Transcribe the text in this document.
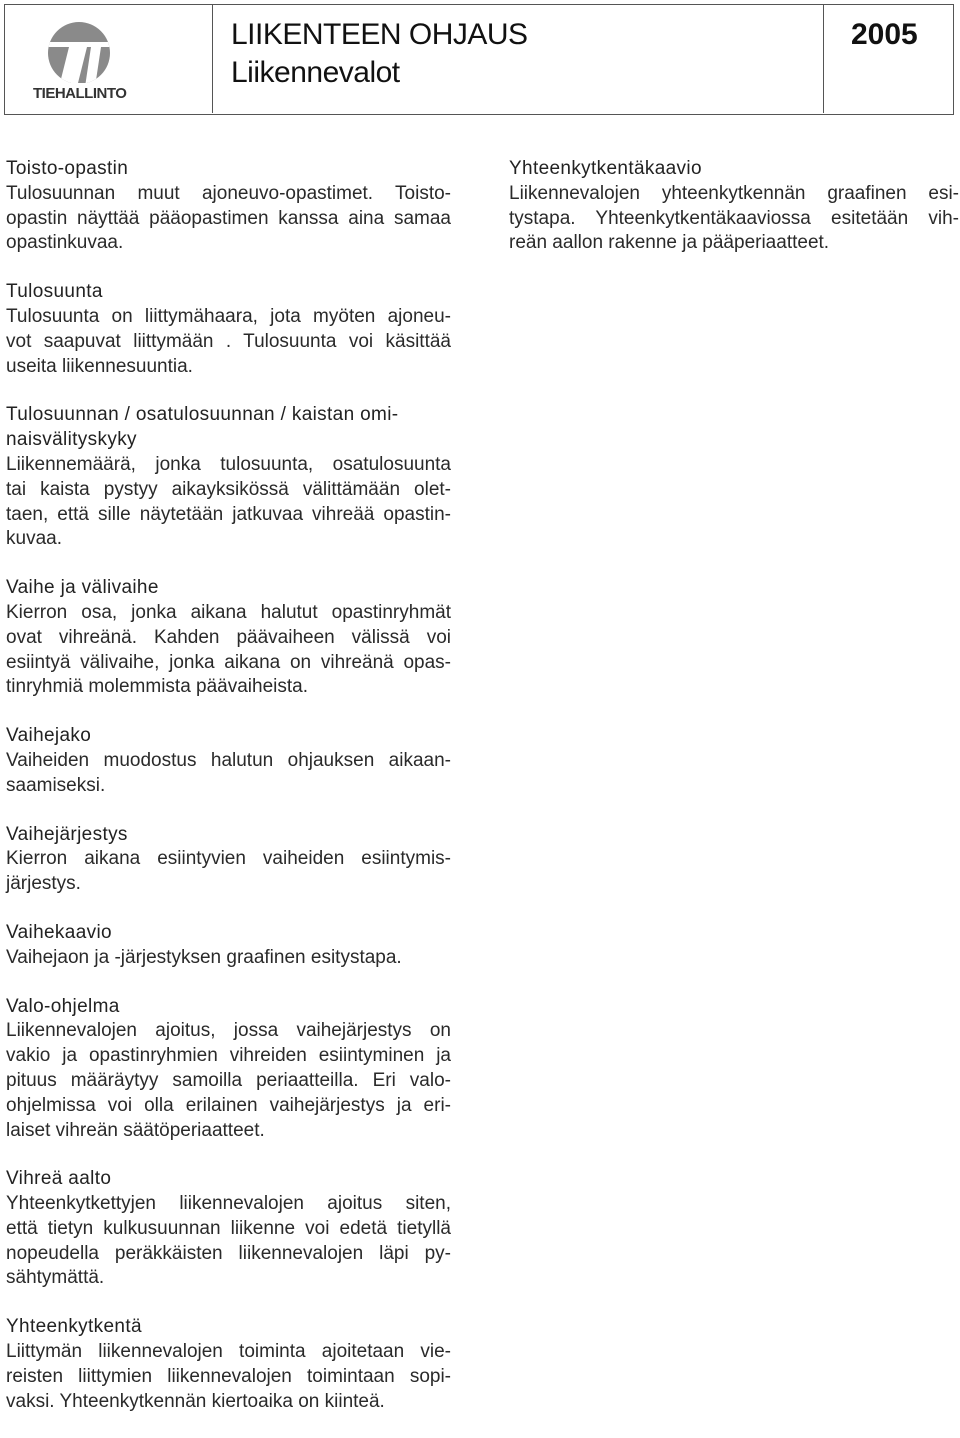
TIEHALLINTO
LIIKENTEEN OHJAUS
Liikennevalot
2005
Toisto-opastin
Tulosuunnan muut ajoneuvo-opastimet. Toisto-
opastin näyttää pääopastimen kanssa aina samaa
opastinkuvaa.
Tulosuunta
Tulosuunta on liittymähaara, jota myöten ajoneu-
vot saapuvat liittymään . Tulosuunta voi käsittää
useita liikennesuuntia.
Tulosuunnan / osatulosuunnan / kaistan omi-
naisvälityskyky
Liikennemäärä, jonka tulosuunta, osatulosuunta
tai kaista pystyy aikayksikössä välittämään olet-
taen, että sille näytetään jatkuvaa vihreää opastin-
kuvaa.
Vaihe ja välivaihe
Kierron osa, jonka aikana halutut opastinryhmät
ovat vihreänä. Kahden päävaiheen välissä voi
esiintyä välivaihe, jonka aikana on vihreänä opas-
tinryhmiä molemmista päävaiheista.
Vaihejako
Vaiheiden muodostus halutun ohjauksen aikaan-
saamiseksi.
Vaihejärjestys
Kierron aikana esiintyvien vaiheiden esiintymis-
järjestys.
Vaihekaavio
Vaihejaon ja -järjestyksen graafinen esitystapa.
Valo-ohjelma
Liikennevalojen ajoitus, jossa vaihejärjestys on
vakio ja opastinryhmien vihreiden esiintyminen ja
pituus määräytyy samoilla periaatteilla. Eri valo-
ohjelmissa voi olla erilainen vaihejärjestys ja eri-
laiset vihreän säätöperiaatteet.
Vihreä aalto
Yhteenkytkettyjen liikennevalojen ajoitus siten,
että tietyn kulkusuunnan liikenne voi edetä tietyllä
nopeudella peräkkäisten liikennevalojen läpi py-
sähtymättä.
Yhteenkytkentä
Liittymän liikennevalojen toiminta ajoitetaan vie-
reisten liittymien liikennevalojen toimintaan sopi-
vaksi. Yhteenkytkennän kiertoaika on kiinteä.
Yhteenkytkentäkaavio
Liikennevalojen yhteenkytkennän graafinen esi-
tystapa. Yhteenkytkentäkaaviossa esitetään vih-
reän aallon rakenne ja pääperiaatteet.
